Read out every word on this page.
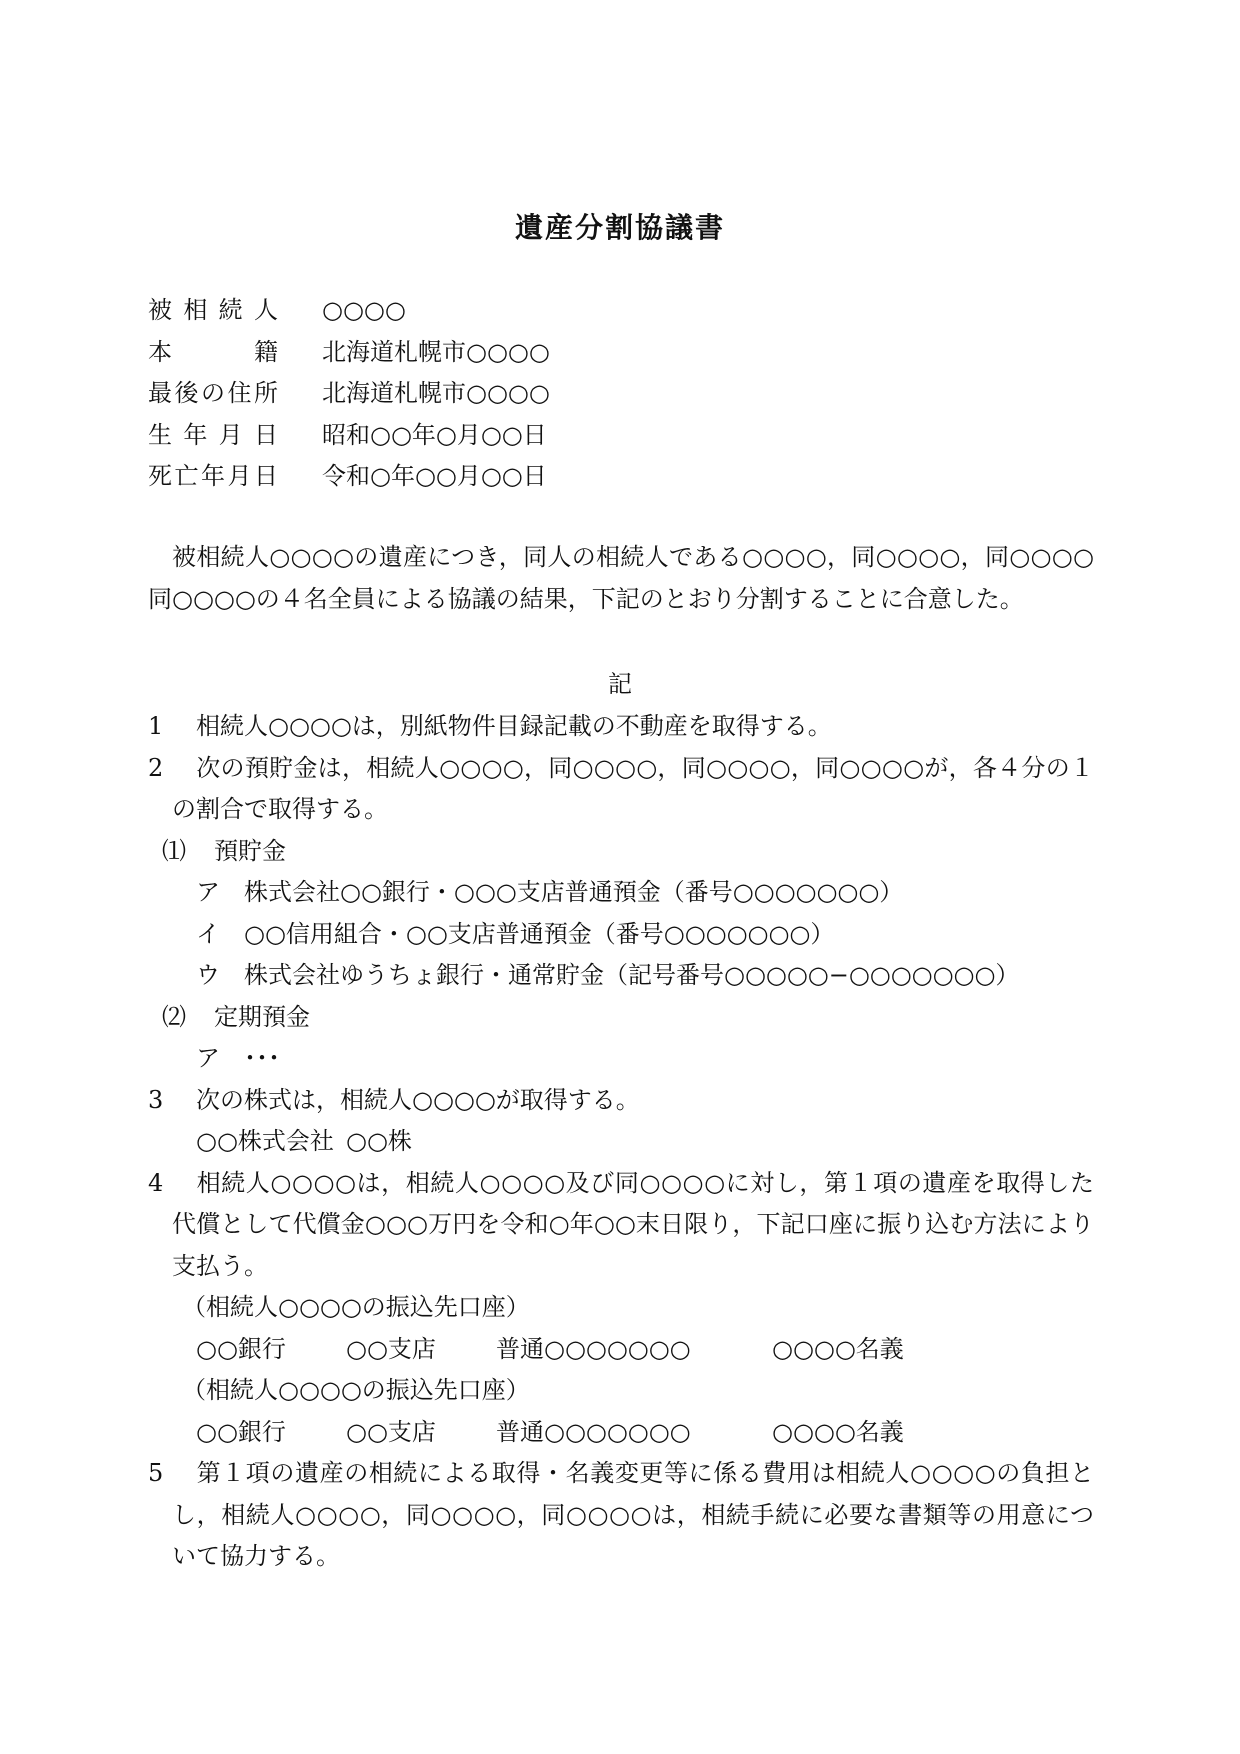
遺産分割協議書
被相続人 ○○○○
本籍 北海道札幌市○○○○
最後の住所 北海道札幌市○○○○
生年月日 昭和○○年○月○○日
死亡年月日 令和○年○○月○○日
被相続人○○○○の遺産につき，同人の相続人である○○○○，同○○○○，同○○○○同○○○○の４名全員による協議の結果，下記のとおり分割することに合意した。
記
1 相続人○○○○は，別紙物件目録記載の不動産を取得する。
2 次の預貯金は，相続人○○○○，同○○○○，同○○○○，同○○○○が，各４分の１の割合で取得する。
⑴ 預貯金
ア 株式会社○○銀行・○○○支店普通預金（番号○○○○○○○）
イ ○○信用組合・○○支店普通預金（番号○○○○○○○）
ウ 株式会社ゆうちょ銀行・通常貯金（記号番号○○○○○−○○○○○○○）
⑵ 定期預金
ア ･･･
3 次の株式は，相続人○○○○が取得する。
○○株式会社 ○○株
4 相続人○○○○は，相続人○○○○及び同○○○○に対し，第１項の遺産を取得した代償として代償金○○○万円を令和○年○○末日限り，下記口座に振り込む方法により支払う。
（相続人○○○○の振込先口座）
○○銀行	○○支店	普通○○○○○○○	○○○○名義
（相続人○○○○の振込先口座）
○○銀行	○○支店	普通○○○○○○○	○○○○名義
5 第１項の遺産の相続による取得・名義変更等に係る費用は相続人○○○○の負担とし，相続人○○○○，同○○○○，同○○○○は，相続手続に必要な書類等の用意について協力する。
